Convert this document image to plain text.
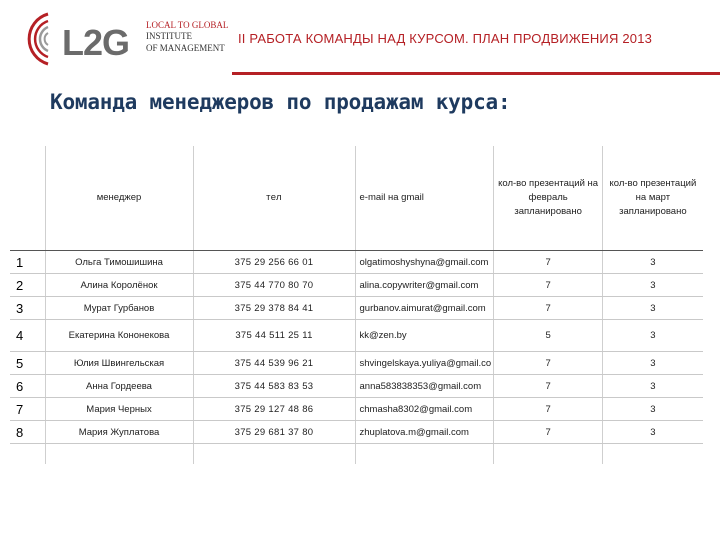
L2G LOCAL TO GLOBAL
INSTITUTE
OF MANAGEMENT
II РАБОТА КОМАНДЫ НАД КУРСОМ. ПЛАН ПРОДВИЖЕНИЯ 2013
Команда менеджеров по продажам курса:
	менеджер	тел	e-mail на gmail	кол-во презентаций на февраль запланировано	кол-во презентаций на март запланировано
1	Ольга Тимошишина	375 29 256 66 01	olgatimoshyshyna@gmail.com	7	3
2	Алина Королёнок	375 44 770 80 70	alina.copywriter@gmail.com	7	3
3	Мурат Гурбанов	375 29 378 84 41	gurbanov.aimurat@gmail.com	7	3
4	Екатерина Кононекова	375 44 511 25 11	kk@zen.by	5	3
5	Юлия Швингельская	375 44 539 96 21	shvingelskaya.yuliya@gmail.co	7	3
6	Анна Гордеева	375 44 583 83 53	anna583838353@gmail.com	7	3
7	Мария Черных	375 29 127 48 86	chmasha8302@gmail.com	7	3
8	Мария Жуплатова	375 29 681 37 80	zhuplatova.m@gmail.com	7	3
